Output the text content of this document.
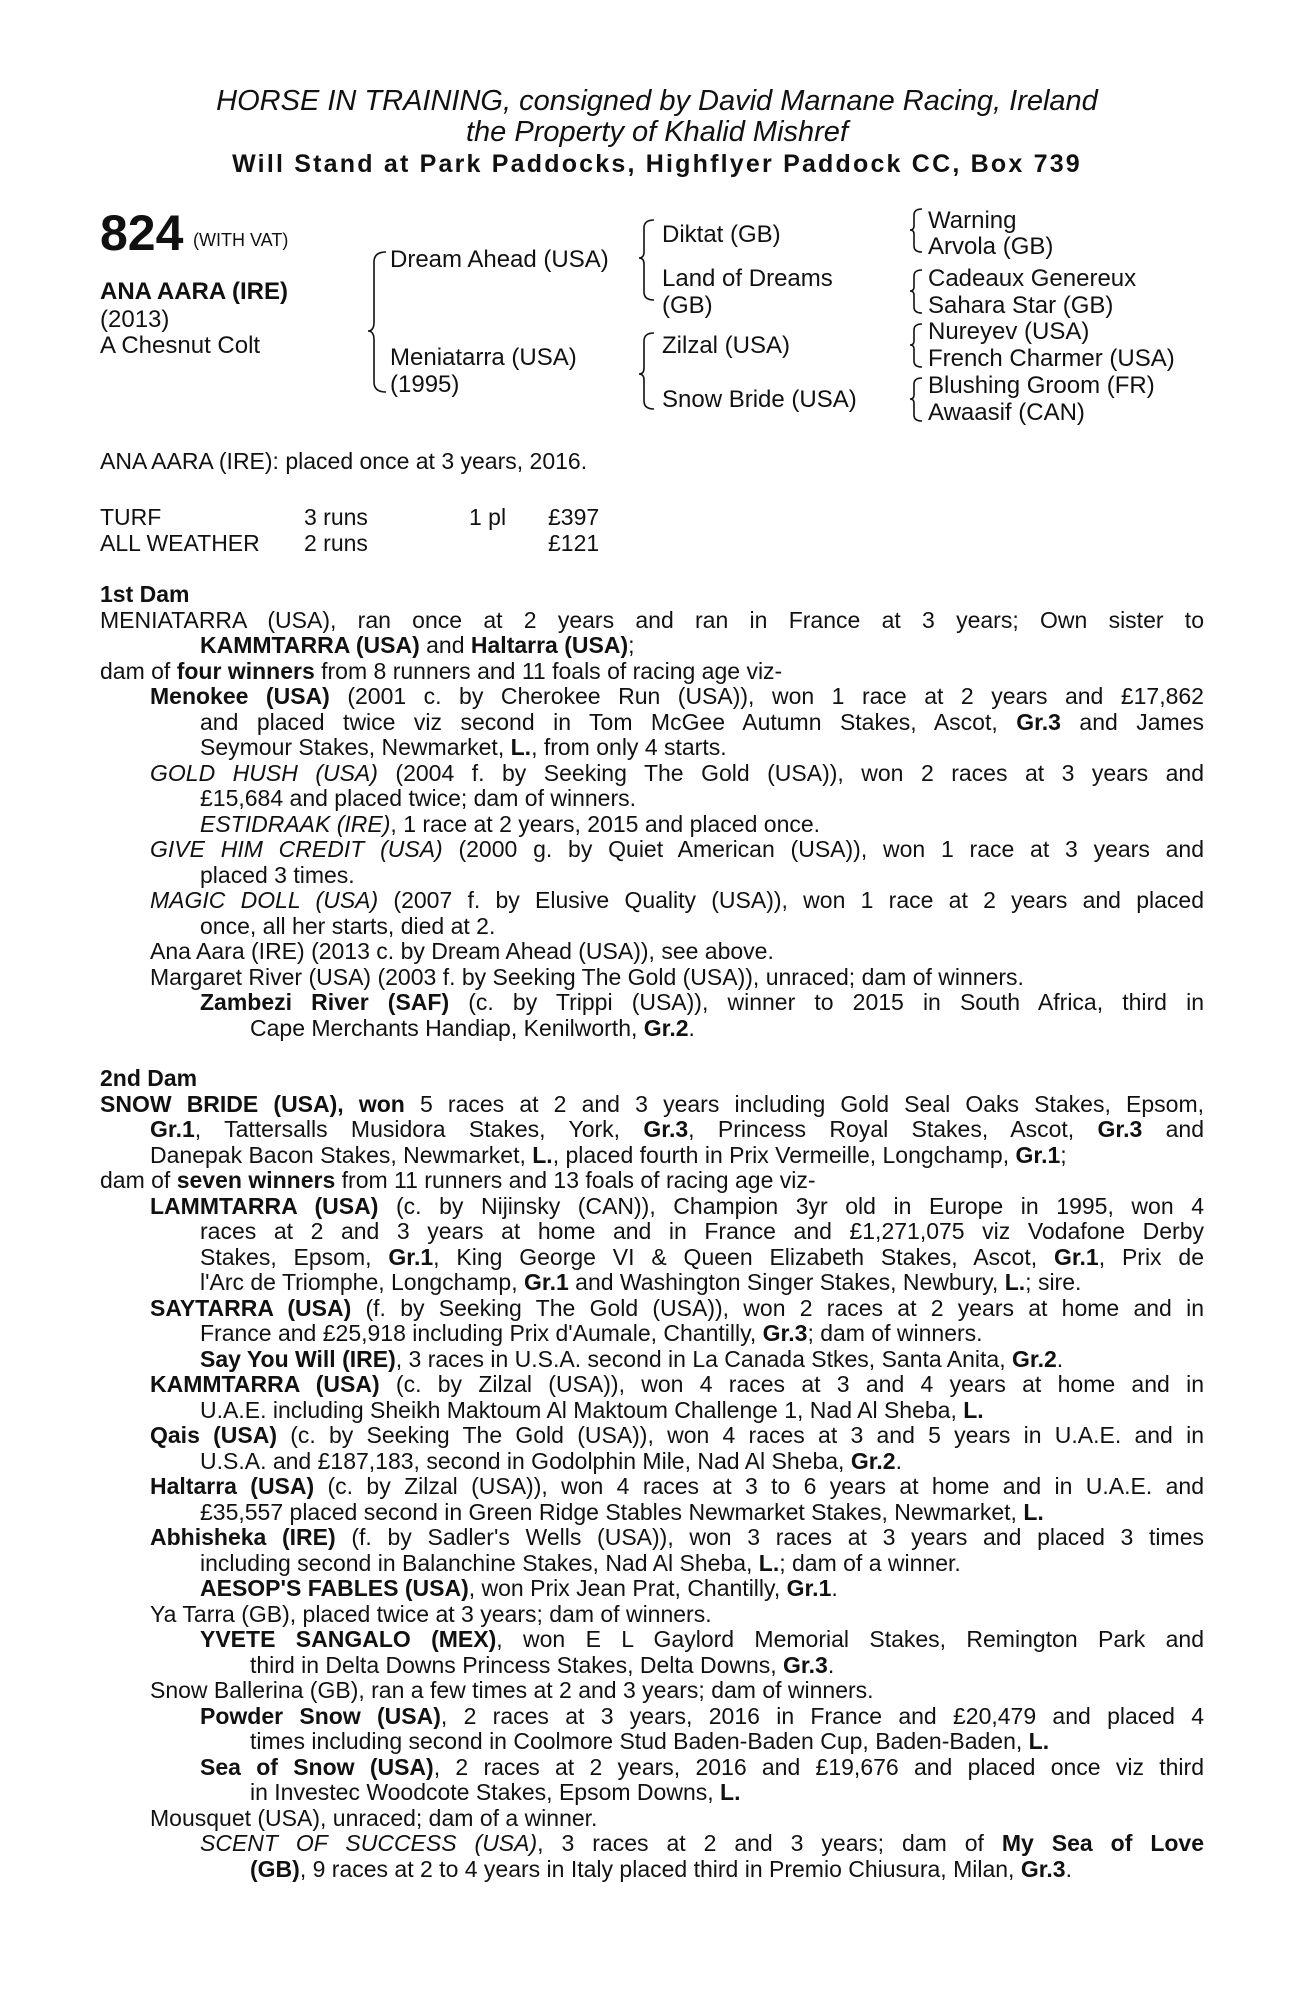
HORSE IN TRAINING, consigned by David Marnane Racing, Ireland
the Property of Khalid Mishref
Will Stand at Park Paddocks, Highflyer Paddock CC, Box 739
824 (WITH VAT)
ANA AARA (IRE)
(2013)
A Chesnut Colt
Dream Ahead (USA)
Meniatarra (USA)
(1995)
Diktat (GB)
Land of Dreams
(GB)
Zilzal (USA)
Snow Bride (USA)
Warning
Arvola (GB)
Cadeaux Genereux
Sahara Star (GB)
Nureyev (USA)
French Charmer (USA)
Blushing Groom (FR)
Awaasif (CAN)
ANA AARA (IRE): placed once at 3 years, 2016.
TURF	3 runs	1 pl £397
ALL WEATHER 2 runs	£121
1st Dam
MENIATARRA (USA), ran once at 2 years and ran in France at 3 years; Own sister to
KAMMTARRA (USA) and Haltarra (USA);
dam of four winners from 8 runners and 11 foals of racing age viz-
Menokee (USA) (2001 c. by Cherokee Run (USA)), won 1 race at 2 years and £17,862
and placed twice viz second in Tom McGee Autumn Stakes, Ascot, Gr.3 and James
Seymour Stakes, Newmarket, L., from only 4 starts.
GOLD HUSH (USA) (2004 f. by Seeking The Gold (USA)), won 2 races at 3 years and
£15,684 and placed twice; dam of winners.
ESTIDRAAK (IRE), 1 race at 2 years, 2015 and placed once.
GIVE HIM CREDIT (USA) (2000 g. by Quiet American (USA)), won 1 race at 3 years and
placed 3 times.
MAGIC DOLL (USA) (2007 f. by Elusive Quality (USA)), won 1 race at 2 years and placed
once, all her starts, died at 2.
Ana Aara (IRE) (2013 c. by Dream Ahead (USA)), see above.
Margaret River (USA) (2003 f. by Seeking The Gold (USA)), unraced; dam of winners.
Zambezi River (SAF) (c. by Trippi (USA)), winner to 2015 in South Africa, third in
Cape Merchants Handiap, Kenilworth, Gr.2.
2nd Dam
SNOW BRIDE (USA), won 5 races at 2 and 3 years including Gold Seal Oaks Stakes, Epsom,
Gr.1, Tattersalls Musidora Stakes, York, Gr.3, Princess Royal Stakes, Ascot, Gr.3 and
Danepak Bacon Stakes, Newmarket, L., placed fourth in Prix Vermeille, Longchamp, Gr.1;
dam of seven winners from 11 runners and 13 foals of racing age viz-
LAMMTARRA (USA) (c. by Nijinsky (CAN)), Champion 3yr old in Europe in 1995, won 4
races at 2 and 3 years at home and in France and £1,271,075 viz Vodafone Derby
Stakes, Epsom, Gr.1, King George VI & Queen Elizabeth Stakes, Ascot, Gr.1, Prix de
l'Arc de Triomphe, Longchamp, Gr.1 and Washington Singer Stakes, Newbury, L.; sire.
SAYTARRA (USA) (f. by Seeking The Gold (USA)), won 2 races at 2 years at home and in
France and £25,918 including Prix d'Aumale, Chantilly, Gr.3; dam of winners.
Say You Will (IRE), 3 races in U.S.A. second in La Canada Stkes, Santa Anita, Gr.2.
KAMMTARRA (USA) (c. by Zilzal (USA)), won 4 races at 3 and 4 years at home and in
U.A.E. including Sheikh Maktoum Al Maktoum Challenge 1, Nad Al Sheba, L.
Qais (USA) (c. by Seeking The Gold (USA)), won 4 races at 3 and 5 years in U.A.E. and in
U.S.A. and £187,183, second in Godolphin Mile, Nad Al Sheba, Gr.2.
Haltarra (USA) (c. by Zilzal (USA)), won 4 races at 3 to 6 years at home and in U.A.E. and
£35,557 placed second in Green Ridge Stables Newmarket Stakes, Newmarket, L.
Abhisheka (IRE) (f. by Sadler's Wells (USA)), won 3 races at 3 years and placed 3 times
including second in Balanchine Stakes, Nad Al Sheba, L.; dam of a winner.
AESOP'S FABLES (USA), won Prix Jean Prat, Chantilly, Gr.1.
Ya Tarra (GB), placed twice at 3 years; dam of winners.
YVETE SANGALO (MEX), won E L Gaylord Memorial Stakes, Remington Park and
third in Delta Downs Princess Stakes, Delta Downs, Gr.3.
Snow Ballerina (GB), ran a few times at 2 and 3 years; dam of winners.
Powder Snow (USA), 2 races at 3 years, 2016 in France and £20,479 and placed 4
times including second in Coolmore Stud Baden-Baden Cup, Baden-Baden, L.
Sea of Snow (USA), 2 races at 2 years, 2016 and £19,676 and placed once viz third
in Investec Woodcote Stakes, Epsom Downs, L.
Mousquet (USA), unraced; dam of a winner.
SCENT OF SUCCESS (USA), 3 races at 2 and 3 years; dam of My Sea of Love
(GB), 9 races at 2 to 4 years in Italy placed third in Premio Chiusura, Milan, Gr.3.
